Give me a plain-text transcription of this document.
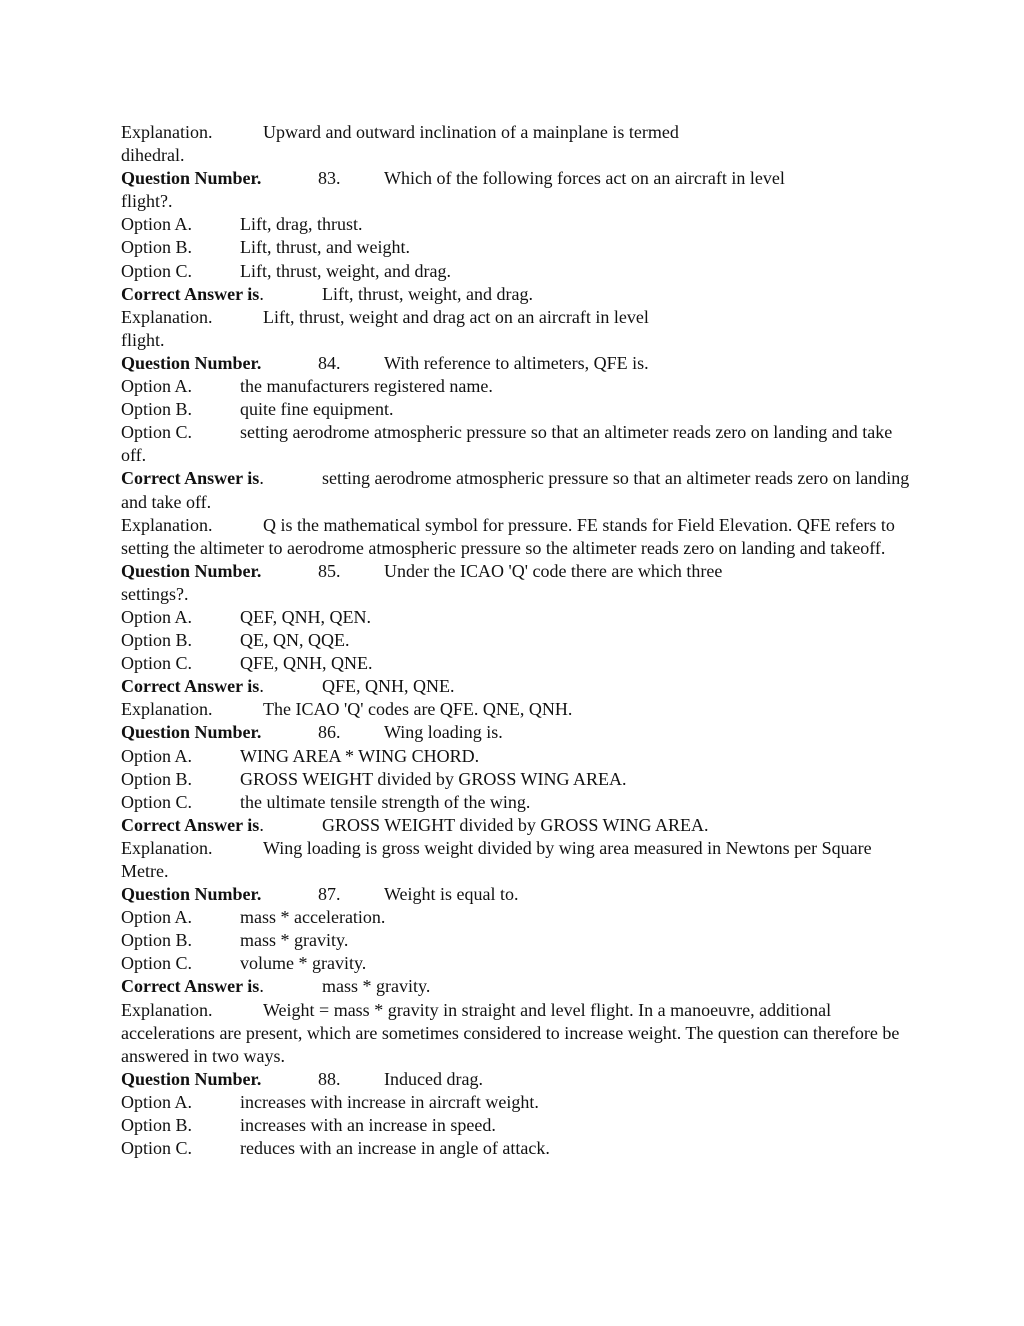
Explanation.	Upward and outward inclination of a mainplane is termed
dihedral.
Question Number.	83. Which of the following forces act on an aircraft in level
flight?.
Option A.	Lift, drag, thrust.
Option B.	Lift, thrust, and weight.
Option C.	Lift, thrust, weight, and drag.
Correct Answer is.	Lift, thrust, weight, and drag.
Explanation.	Lift, thrust, weight and drag act on an aircraft in level
flight.
Question Number.	84. With reference to altimeters, QFE is.
Option A.	the manufacturers registered name.
Option B.	quite fine equipment.
Option C.	setting aerodrome atmospheric pressure so that an altimeter reads zero on landing and take off.
Correct Answer is.	setting aerodrome atmospheric pressure so that an altimeter reads zero on landing and take off.
Explanation.	Q is the mathematical symbol for pressure. FE stands for Field Elevation. QFE refers to setting the altimeter to aerodrome atmospheric pressure so the altimeter reads zero on landing and takeoff.
Question Number.	85. Under the ICAO 'Q' code there are which three
settings?.
Option A.	QEF, QNH, QEN.
Option B.	QE, QN, QQE.
Option C.	QFE, QNH, QNE.
Correct Answer is.	QFE, QNH, QNE.
Explanation.	The ICAO 'Q' codes are QFE. QNE, QNH.
Question Number.	86. Wing loading is.
Option A.	WING AREA * WING CHORD.
Option B.	GROSS WEIGHT divided by GROSS WING AREA.
Option C.	the ultimate tensile strength of the wing.
Correct Answer is.	GROSS WEIGHT divided by GROSS WING AREA.
Explanation.	Wing loading is gross weight divided by wing area measured in Newtons per Square Metre.
Question Number.	87. Weight is equal to.
Option A.	mass * acceleration.
Option B.	mass * gravity.
Option C.	volume * gravity.
Correct Answer is.	mass * gravity.
Explanation.	Weight = mass * gravity in straight and level flight. In a manoeuvre, additional accelerations are present, which are sometimes considered to increase weight. The question can therefore be answered in two ways.
Question Number.	88. Induced drag.
Option A.	increases with increase in aircraft weight.
Option B.	increases with an increase in speed.
Option C.	reduces with an increase in angle of attack.
